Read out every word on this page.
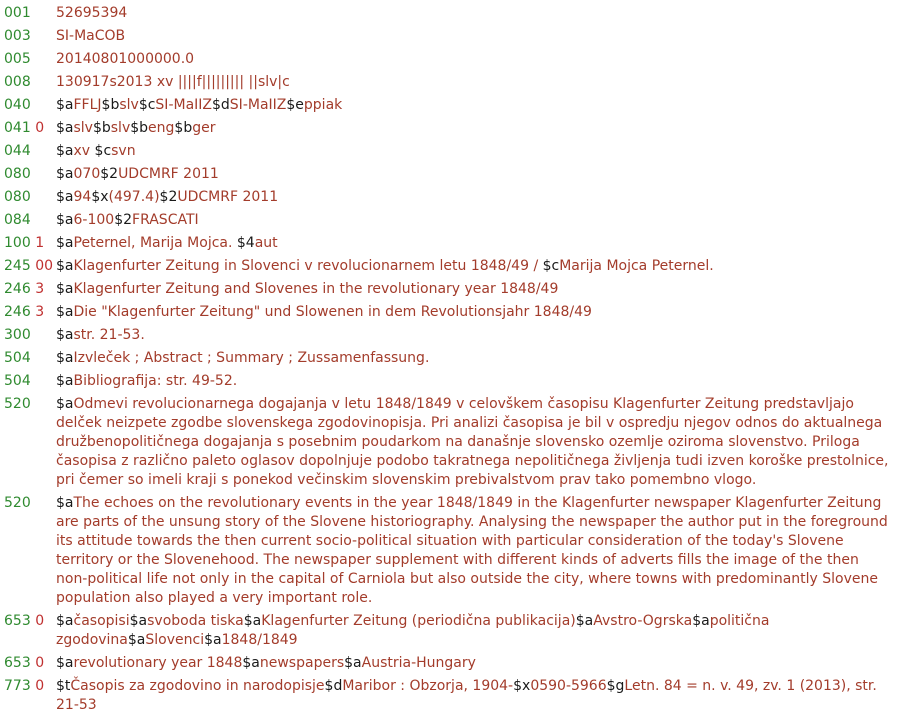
001	52695394
003	SI-MaCOB
005	20140801000000.0
008	130917s2013 xv ||||f||||||||| ||slv|c
040	$aFFLJ$bslv$cSI-MaIIZ$dSI-MaIIZ$eppiak
041 0 $aslv$bslv$beng$bger
044	$axv $csvn
080	$a070$2UDCMRF 2011
080	$a94$x(497.4)$2UDCMRF 2011
084	$a6-100$2FRASCATI
100 1 $aPeternel, Marija Mojca. $4aut
245 00 $aKlagenfurter Zeitung in Slovenci v revolucionarnem letu 1848/49 / $cMarija Mojca Peternel.
246 3 $aKlagenfurter Zeitung and Slovenes in the revolutionary year 1848/49
246 3 $aDie "Klagenfurter Zeitung" und Slowenen in dem Revolutionsjahr 1848/49
300	$astr. 21-53.
504	$aIzvleček ; Abstract ; Summary ; Zussamenfassung.
504	$aBibliografija: str. 49-52.
520	$aOdmevi revolucionarnega dogajanja v letu 1848/1849 v celovškem časopisu Klagenfurter Zeitung predstavljajo delček neizpete zgodbe slovenskega zgodovinopisja. Pri analizi časopisa je bil v ospredju njegov odnos do aktualnega družbenopolitičnega dogajanja s posebnim poudarkom na današnje slovensko ozemlje oziroma slovenstvo. Priloga časopisa z različno paleto oglasov dopolnjuje podobo takratnega nepolitičnega življenja tudi izven koroške prestolnice, pri čemer so imeli kraji s ponekod večinskim slovenskim prebivalstvom prav tako pomembno vlogo.
520	$aThe echoes on the revolutionary events in the year 1848/1849 in the Klagenfurter newspaper Klagenfurter Zeitung are parts of the unsung story of the Slovene historiography. Analysing the newspaper the author put in the foreground its attitude towards the then current socio-political situation with particular consideration of the today's Slovene territory or the Slovenehood. The newspaper supplement with different kinds of adverts fills the image of the then non-political life not only in the capital of Carniola but also outside the city, where towns with predominantly Slovene population also played a very important role.
653 0 $ačasopisi$asvoboda tiska$aKlagenfurter Zeitung (periodična publikacija)$aAvstro-Ogrska$apolitična zgodovina$aSlovenci$a1848/1849
653 0 $arevolutionary year 1848$anewspapers$aAustria-Hungary
773 0 $tČasopis za zgodovino in narodopisje$dMaribor : Obzorja, 1904-$x0590-5966$gLetn. 84 = n. v. 49, zv. 1 (2013), str. 21-53
